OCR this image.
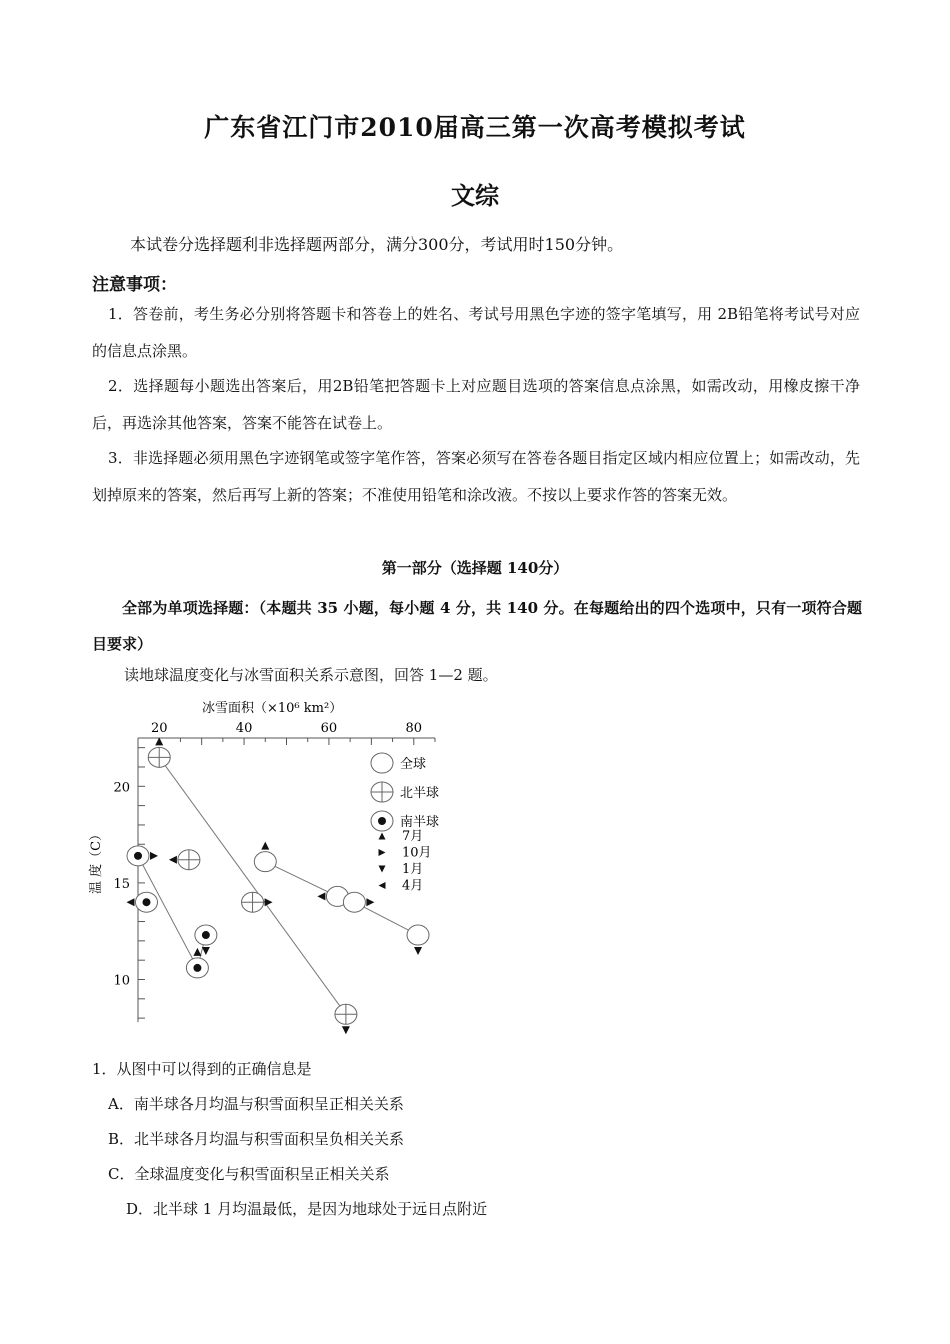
广东省江门市2010届高三第一次高考模拟考试
文综
本试卷分选择题利非选择题两部分，满分300分，考试用时150分钟。
注意事项：
1．答卷前，考生务必分别将答题卡和答卷上的姓名、考试号用黑色字迹的签字笔填写，用 2B铅笔将考试号对应的信息点涂黑。
2．选择题每小题选出答案后，用2B铅笔把答题卡上对应题目选项的答案信息点涂黑，如需改动，用橡皮擦干净后，再选涂其他答案，答案不能答在试卷上。
3．非选择题必须用黑色字迹钢笔或签字笔作答，答案必须写在答卷各题目指定区域内相应位置上；如需改动，先划掉原来的答案，然后再写上新的答案；不准使用铅笔和涂改液。不按以上要求作答的答案无效。
第一部分（选择题 140分）
全部为单项选择题：（本题共 35 小题，每小题 4 分，共 140 分。在每题给出的四个选项中，只有一项符合题目要求）
读地球温度变化与冰雪面积关系示意图，回答 1—2 题。
冰雪面积（×10⁶ km²）
温 度（C）
20	40	60	80
10
15
20
全球
北半球
南半球
7月
10月
1月
4月
1．从图中可以得到的正确信息是
A．南半球各月均温与积雪面积呈正相关关系
B．北半球各月均温与积雪面积呈负相关关系
C．全球温度变化与积雪面积呈正相关关系
D．北半球 1 月均温最低，是因为地球处于远日点附近
